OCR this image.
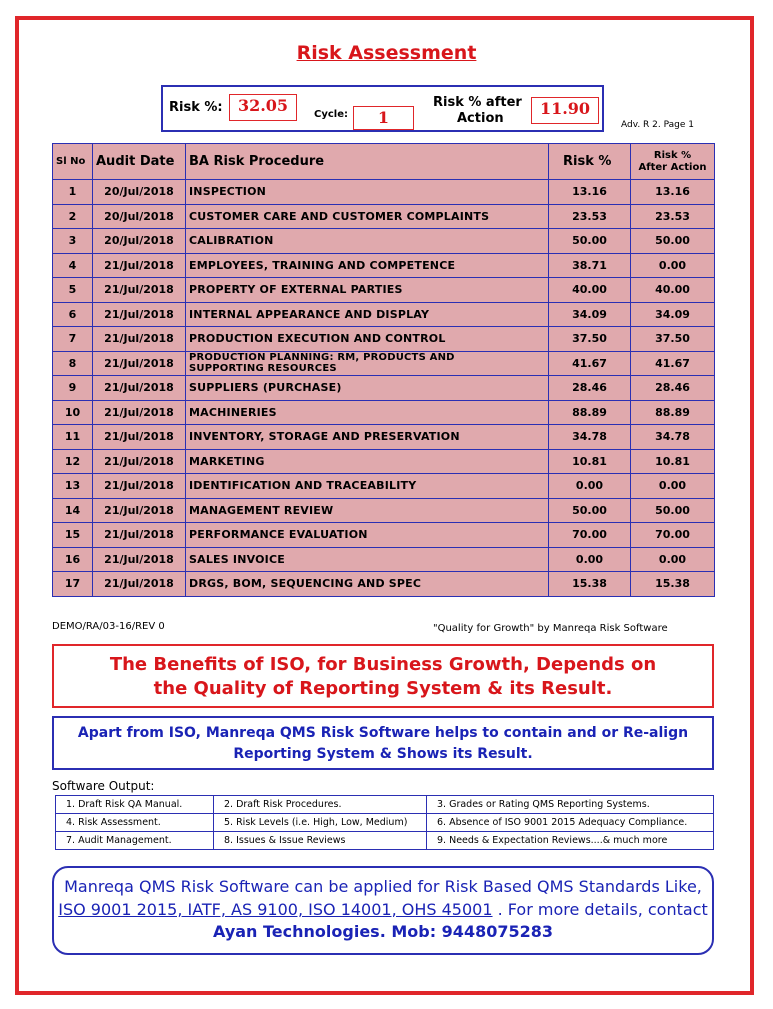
Risk Assessment
Risk %: 32.05	Cycle:	1
Risk % after
Action
11.90
Adv. R 2. Page 1
Sl No	Audit Date	BA Risk Procedure	Risk %	Risk %
After Action

1	20/Jul/2018	INSPECTION	13.16	13.16
2	20/Jul/2018	CUSTOMER CARE AND CUSTOMER COMPLAINTS	23.53	23.53
3	20/Jul/2018	CALIBRATION	50.00	50.00
4	21/Jul/2018	EMPLOYEES, TRAINING AND COMPETENCE	38.71	0.00
5	21/Jul/2018	PROPERTY OF EXTERNAL PARTIES	40.00	40.00
6	21/Jul/2018	INTERNAL APPEARANCE AND DISPLAY	34.09	34.09
7	21/Jul/2018	PRODUCTION EXECUTION AND CONTROL	37.50	37.50
8	21/Jul/2018	PRODUCTION PLANNING: RM, PRODUCTS AND
SUPPORTING RESOURCES	41.67	41.67
9	21/Jul/2018	SUPPLIERS (PURCHASE)	28.46	28.46
10	21/Jul/2018	MACHINERIES	88.89	88.89
11	21/Jul/2018	INVENTORY, STORAGE AND PRESERVATION	34.78	34.78
12	21/Jul/2018	MARKETING	10.81	10.81
13	21/Jul/2018	IDENTIFICATION AND TRACEABILITY	0.00	0.00
14	21/Jul/2018	MANAGEMENT REVIEW	50.00	50.00
15	21/Jul/2018	PERFORMANCE EVALUATION	70.00	70.00
16	21/Jul/2018	SALES INVOICE	0.00	0.00
17	21/Jul/2018	DRGS, BOM, SEQUENCING AND SPEC	15.38	15.38
DEMO/RA/03-16/REV 0	"Quality for Growth" by Manreqa Risk Software
The Benefits of ISO, for Business Growth, Depends on
the Quality of Reporting System & its Result.
Apart from ISO, Manreqa QMS Risk Software helps to contain and or Re-align
Reporting System & Shows its Result.
Software Output:
1. Draft Risk QA Manual.	2. Draft Risk Procedures.	3. Grades or Rating QMS Reporting Systems.
4. Risk Assessment.	5. Risk Levels (i.e. High, Low, Medium)	6. Absence of ISO 9001 2015 Adequacy Compliance.
7. Audit Management.	8. Issues & Issue Reviews	9. Needs & Expectation Reviews....& much more
Manreqa QMS Risk Software can be applied for Risk Based QMS Standards Like,
ISO 9001 2015, IATF, AS 9100, ISO 14001, OHS 45001 . For more details, contact
Ayan Technologies. Mob: 9448075283
